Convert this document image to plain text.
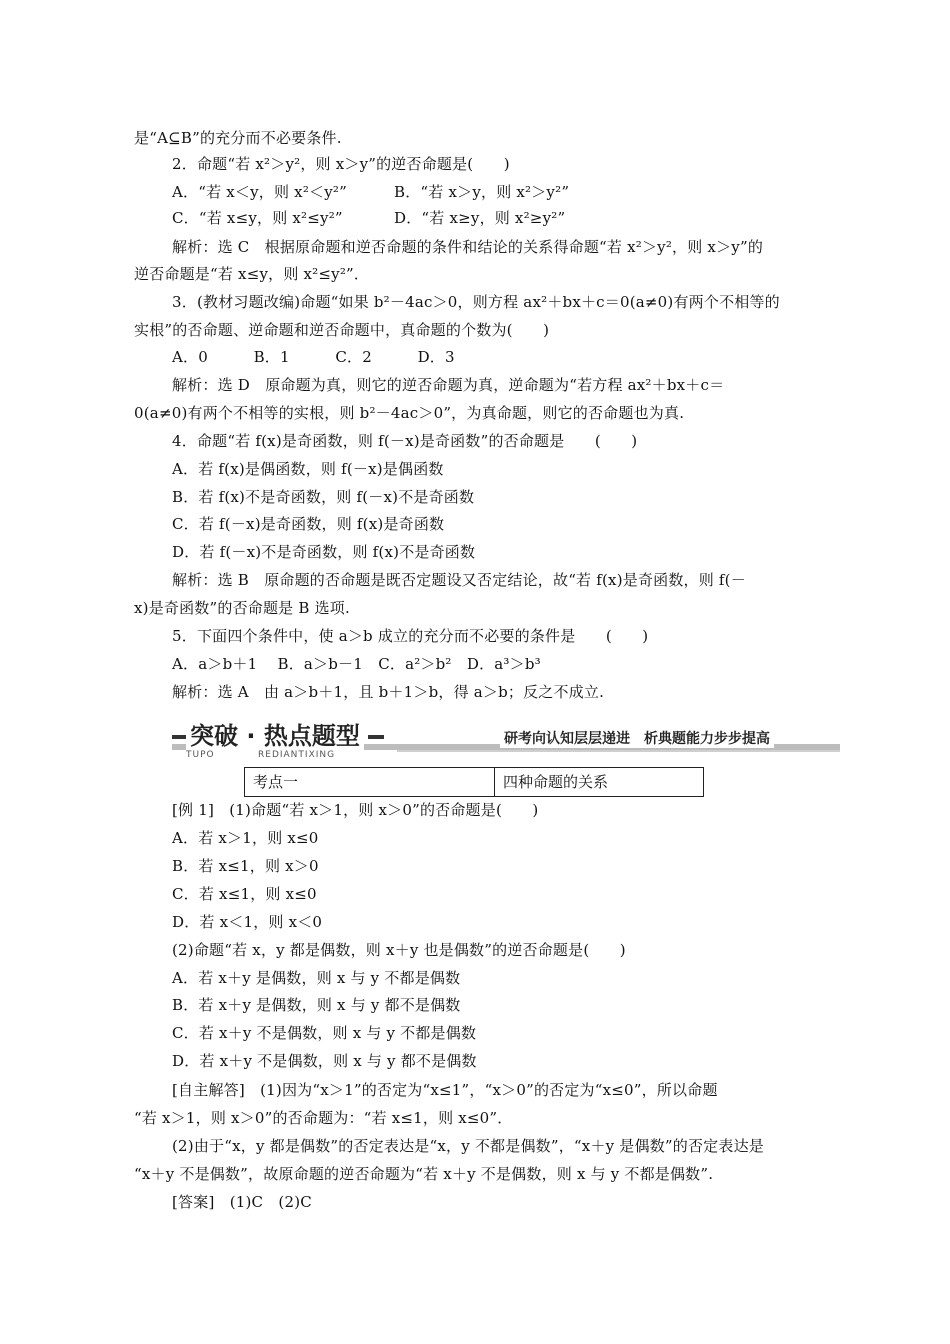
是“A⊆B”的充分而不必要条件.
2．命题“若 x²＞y²，则 x＞y”的逆否命题是(　　)
A．“若 x＜y，则 x²＜y²”	B．“若 x＞y，则 x²＞y²”
C．“若 x≤y，则 x²≤y²”	D．“若 x≥y，则 x²≥y²”
解析：选 C　根据原命题和逆否命题的条件和结论的关系得命题“若 x²＞y²，则 x＞y”的
逆否命题是“若 x≤y，则 x²≤y²”．
3．(教材习题改编)命题“如果 b²－4ac＞0，则方程 ax²＋bx＋c＝0(a≠0)有两个不相等的
实根”的否命题、逆命题和逆否命题中，真命题的个数为(　　)
A．0　　　B．1　　　C．2　　　D．3
解析：选 D　原命题为真，则它的逆否命题为真，逆命题为“若方程 ax²＋bx＋c＝
0(a≠0)有两个不相等的实根，则 b²－4ac＞0”，为真命题，则它的否命题也为真.
4．命题“若 f(x)是奇函数，则 f(－x)是奇函数”的否命题是　　(　　)
A．若 f(x)是偶函数，则 f(－x)是偶函数
B．若 f(x)不是奇函数，则 f(－x)不是奇函数
C．若 f(－x)是奇函数，则 f(x)是奇函数
D．若 f(－x)不是奇函数，则 f(x)不是奇函数
解析：选 B　原命题的否命题是既否定题设又否定结论，故“若 f(x)是奇函数，则 f(－
x)是奇函数”的否命题是 B 选项.
5．下面四个条件中，使 a＞b 成立的充分而不必要的条件是　　(　　)
A．a＞b＋1　 B．a＞b－1　C．a²＞b²　D．a³＞b³
解析：选 A　由 a＞b＋1，且 b＋1＞b，得 a＞b；反之不成立.
突破 · 热点题型
TUPO	REDIANTIXING
研考向认知层层递进　析典题能力步步提高
考点一	四种命题的关系
[例 1]　(1)命题“若 x＞1，则 x＞0”的否命题是(　　)
A．若 x＞1，则 x≤0
B．若 x≤1，则 x＞0
C．若 x≤1，则 x≤0
D．若 x＜1，则 x＜0
(2)命题“若 x，y 都是偶数，则 x＋y 也是偶数”的逆否命题是(　　)
A．若 x＋y 是偶数，则 x 与 y 不都是偶数
B．若 x＋y 是偶数，则 x 与 y 都不是偶数
C．若 x＋y 不是偶数，则 x 与 y 不都是偶数
D．若 x＋y 不是偶数，则 x 与 y 都不是偶数
[自主解答]　(1)因为“x＞1”的否定为“x≤1”，“x＞0”的否定为“x≤0”，所以命题
“若 x＞1，则 x＞0”的否命题为：“若 x≤1，则 x≤0”．
(2)由于“x，y 都是偶数”的否定表达是“x，y 不都是偶数”，“x＋y 是偶数”的否定表达是
“x＋y 不是偶数”，故原命题的逆否命题为“若 x＋y 不是偶数，则 x 与 y 不都是偶数”.
[答案]　(1)C　(2)C
